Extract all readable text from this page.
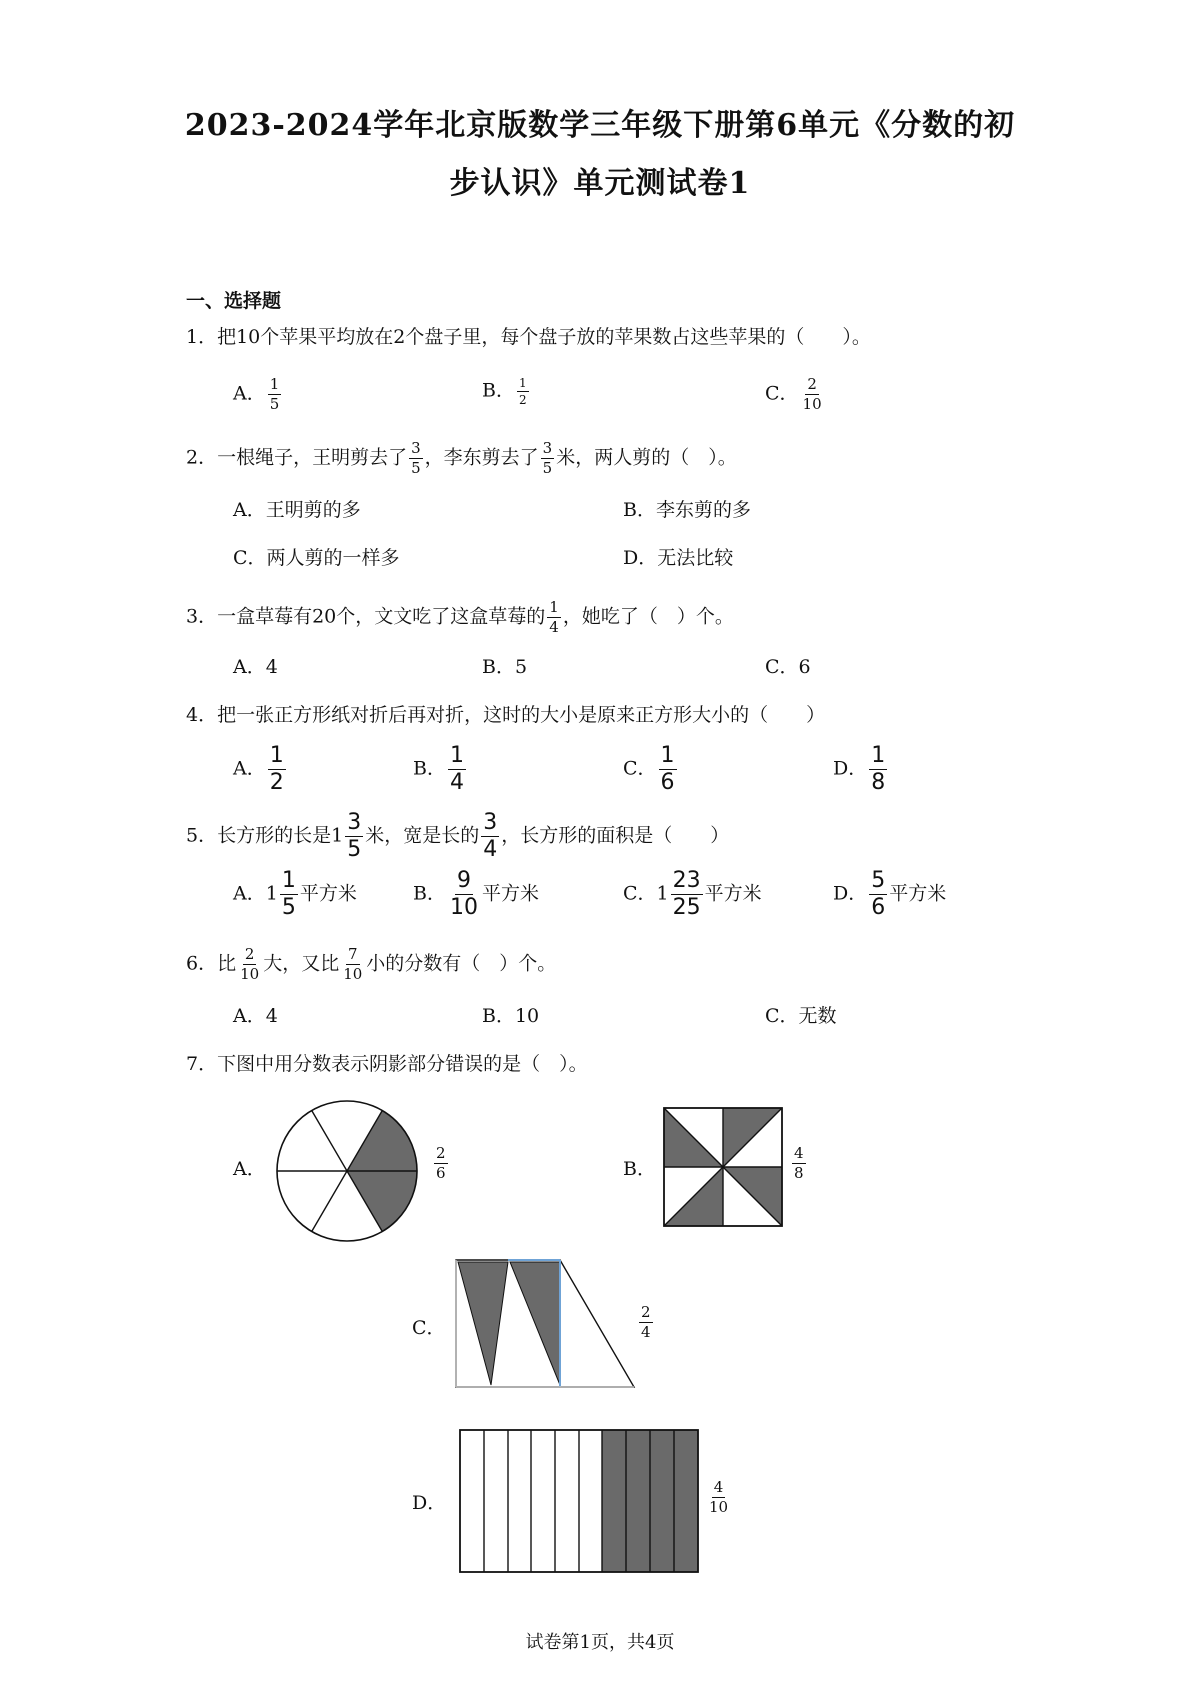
2023-2024学年北京版数学三年级下册第6单元《分数的初
步认识》单元测试卷1
一、选择题
1．把10个苹果平均放在2个盘子里，每个盘子放的苹果数占这些苹果的（　　）。
A． $\frac{1}{5}$	B． $\frac{1}{2}$	C． $\frac{2}{10}$
2．一根绳子，王明剪去了 $\frac{3}{5}$ ，李东剪去了 $\frac{3}{5}$ 米，两人剪的（　）。
A．王明剪的多	B．李东剪的多
C．两人剪的一样多	D．无法比较
3．一盒草莓有20个，文文吃了这盒草莓的 $\frac{1}{4}$ ，她吃了（　）个。
A．4	B．5	C．6
4．把一张正方形纸对折后再对折，这时的大小是原来正方形大小的（　　）
A． $\frac{1}{2}$	B． $\frac{1}{4}$	C． $\frac{1}{6}$	D． $\frac{1}{8}$
5．长方形的长是$1 \frac{3}{5}$ 米，宽是长的 $\frac{3}{4}$ ，长方形的面积是（　　）
A．$1 \frac{1}{5}$ 平方米	B． $\frac{9}{10}$ 平方米	C．$1 \frac{23}{25}$ 平方米	D． $\frac{5}{6}$ 平方米
6．比 $\frac{2}{10}$ 大，又比 $\frac{7}{10}$ 小的分数有（　）个。
A．4	B．10	C．无数
7．下图中用分数表示阴影部分错误的是（　）。
A．	$\frac{2}{6}$	B．	$\frac{4}{8}$
C．	$\frac{2}{4}$
D．	$\frac{4}{10}$
试卷第1页，共4页
